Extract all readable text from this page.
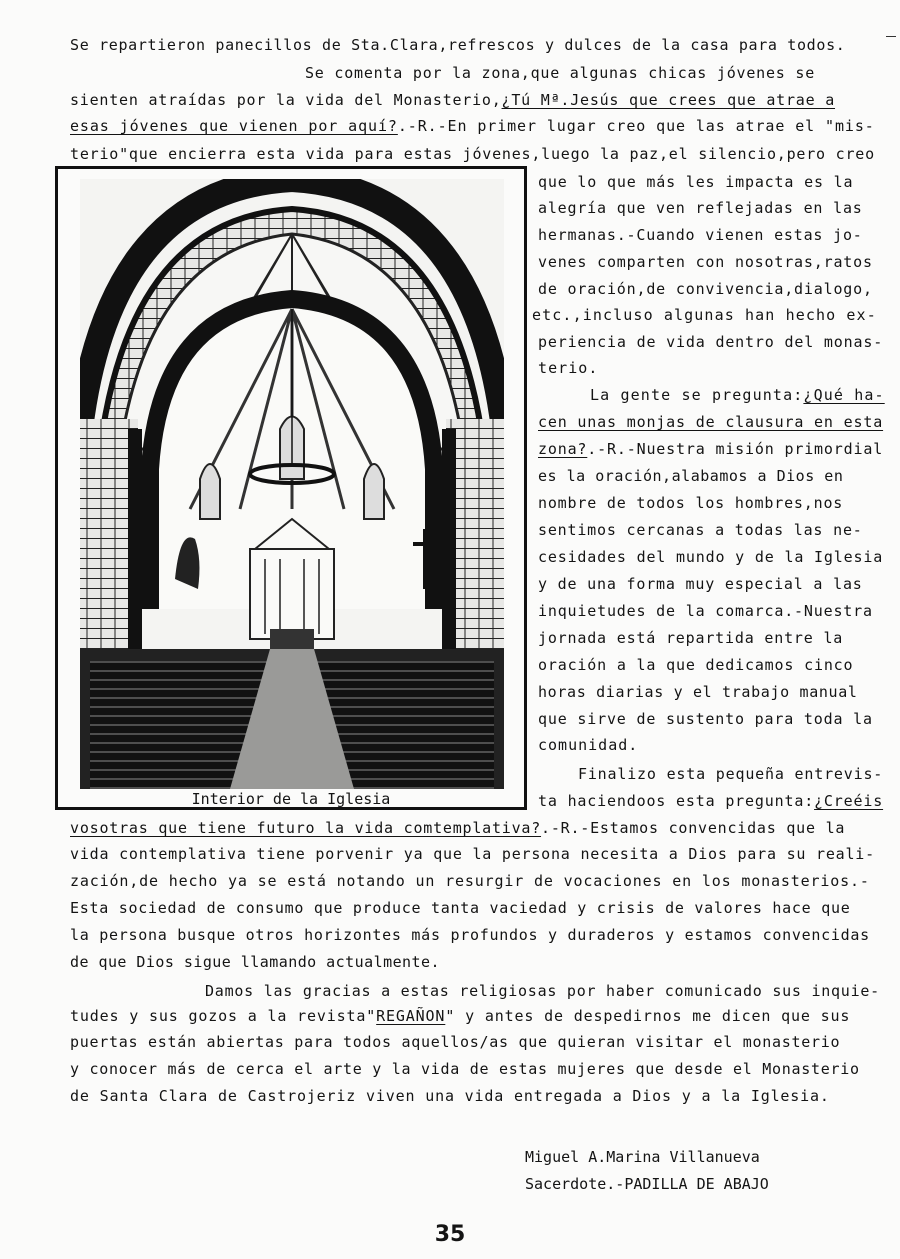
Se repartieron panecillos de Sta.Clara,refrescos y dulces de la casa para todos.
Se comenta por la zona,que algunas chicas jóvenes se
sienten atraídas por la vida del Monasterio,¿Tú Mª.Jesús que crees que atrae a
esas jóvenes que vienen por aquí?.-R.-En primer lugar creo que las atrae el "mis-
terio"que encierra esta vida para estas jóvenes,luego la paz,el silencio,pero creo
que lo que más les impacta es la
alegría que ven reflejadas en las
hermanas.-Cuando vienen estas jo-
venes comparten con nosotras,ratos
de oración,de convivencia,dialogo,
etc.,incluso algunas han hecho ex-
periencia de vida dentro del monas-
terio.
La gente se pregunta:¿Qué ha-
cen unas monjas de clausura en esta
zona?.-R.-Nuestra misión primordial
es la oración,alabamos a Dios en
nombre de todos los hombres,nos
sentimos cercanas a todas las ne-
cesidades del mundo y de la Iglesia
y de una forma muy especial a las
inquietudes de la comarca.-Nuestra
jornada está repartida entre la
oración a la que dedicamos cinco
horas diarias y el trabajo manual
que sirve de sustento para toda la
comunidad.
Finalizo esta pequeña entrevis-
ta haciendoos esta pregunta:¿Creéis
vosotras que tiene futuro la vida comtemplativa?.-R.-Estamos convencidas que la
vida contemplativa tiene porvenir ya que la persona necesita a Dios para su reali-
zación,de hecho ya se está notando un resurgir de vocaciones en los monasterios.-
Esta sociedad de consumo que produce tanta vaciedad y crisis de valores hace que
la persona busque otros horizontes más profundos y duraderos y estamos convencidas
de que Dios sigue llamando actualmente.
Damos las gracias a estas religiosas por haber comunicado sus inquie-
tudes y sus gozos a la revista"REGAÑON" y antes de despedirnos me dicen que sus
puertas están abiertas para todos aquellos/as que quieran visitar el monasterio
y conocer más de cerca el arte y la vida de estas mujeres que desde el Monasterio
de Santa Clara de Castrojeriz viven una vida entregada a Dios y a la Iglesia.
Interior de la Iglesia
Miguel A.Marina Villanueva
Sacerdote.-PADILLA DE ABAJO
35
